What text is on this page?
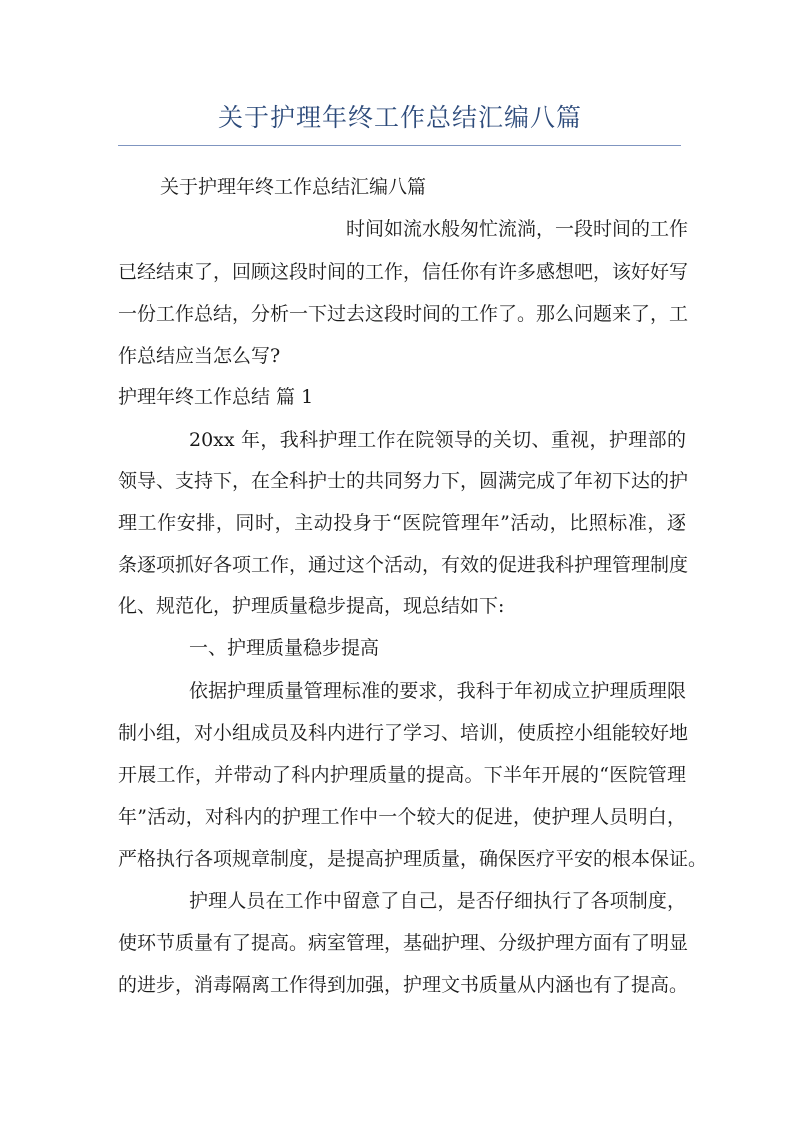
关于护理年终工作总结汇编八篇
关于护理年终工作总结汇编八篇
时间如流水般匆忙流淌，一段时间的工作
已经结束了，回顾这段时间的工作，信任你有许多感想吧，该好好写
一份工作总结，分析一下过去这段时间的工作了。那么问题来了，工
作总结应当怎么写?
护理年终工作总结 篇 1
20xx 年，我科护理工作在院领导的关切、重视，护理部的
领导、支持下，在全科护士的共同努力下，圆满完成了年初下达的护
理工作安排，同时，主动投身于“医院管理年”活动，比照标准，逐
条逐项抓好各项工作，通过这个活动，有效的促进我科护理管理制度
化、规范化，护理质量稳步提高，现总结如下:
一、护理质量稳步提高
依据护理质量管理标准的要求，我科于年初成立护理质理限
制小组，对小组成员及科内进行了学习、培训，使质控小组能较好地
开展工作，并带动了科内护理质量的提高。下半年开展的“医院管理
年”活动，对科内的护理工作中一个较大的促进，使护理人员明白，
严格执行各项规章制度，是提高护理质量，确保医疗平安的根本保证。
护理人员在工作中留意了自己，是否仔细执行了各项制度，
使环节质量有了提高。病室管理，基础护理、分级护理方面有了明显
的进步，消毒隔离工作得到加强，护理文书质量从内涵也有了提高。
